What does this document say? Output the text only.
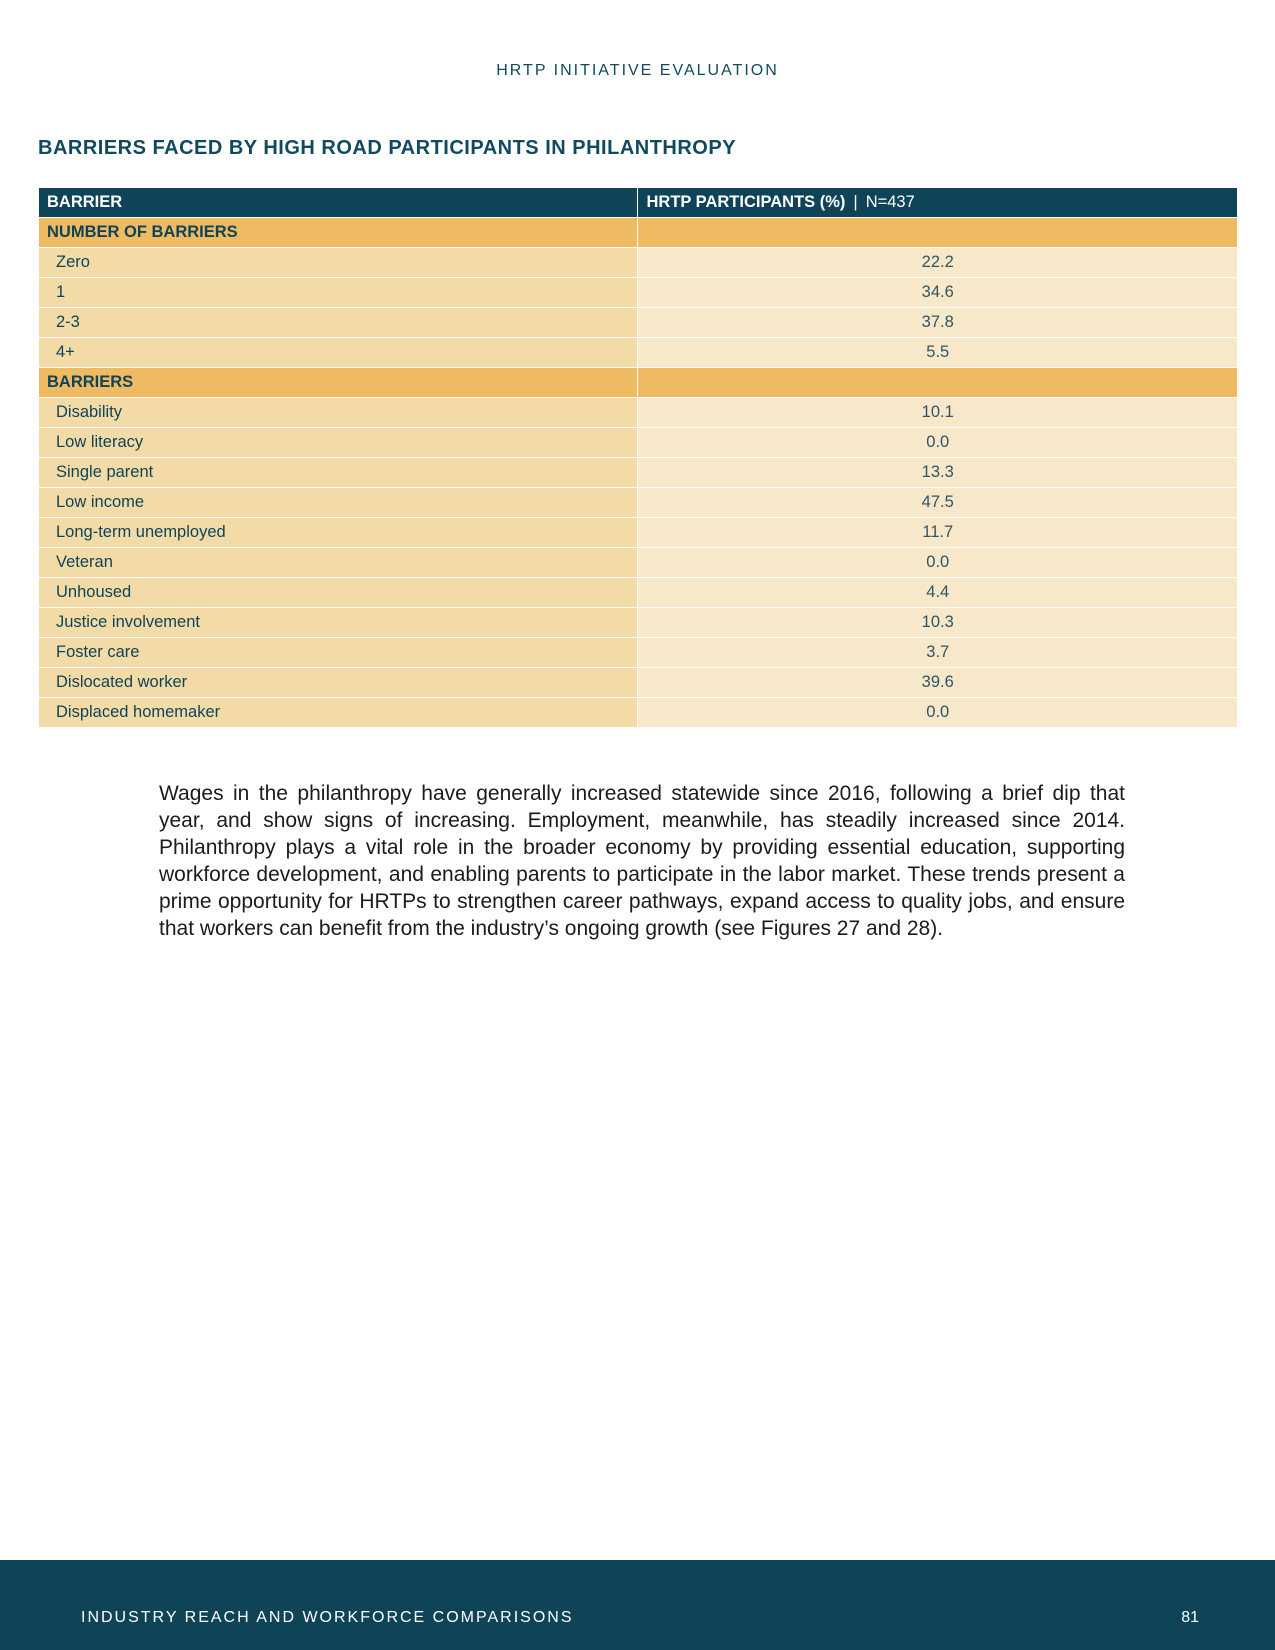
HRTP INITIATIVE EVALUATION
BARRIERS FACED BY HIGH ROAD PARTICIPANTS IN PHILANTHROPY
BARRIER	HRTP PARTICIPANTS (%) | N=437
NUMBER OF BARRIERS	
Zero	22.2
1	34.6
2-3	37.8
4+	5.5
BARRIERS	
Disability	10.1
Low literacy	0.0
Single parent	13.3
Low income	47.5
Long-term unemployed	11.7
Veteran	0.0
Unhoused	4.4
Justice involvement	10.3
Foster care	3.7
Dislocated worker	39.6
Displaced homemaker	0.0

Wages in the philanthropy have generally increased statewide since 2016, following a brief dip that year, and show signs of increasing. Employment, meanwhile, has steadily increased since 2014. Philanthropy plays a vital role in the broader economy by providing essential education, supporting workforce development, and enabling parents to participate in the labor market. These trends present a prime opportunity for HRTPs to strengthen career pathways, expand access to quality jobs, and ensure that workers can benefit from the industry’s ongoing growth (see Figures 27 and 28).

INDUSTRY REACH AND WORKFORCE COMPARISONS	81
